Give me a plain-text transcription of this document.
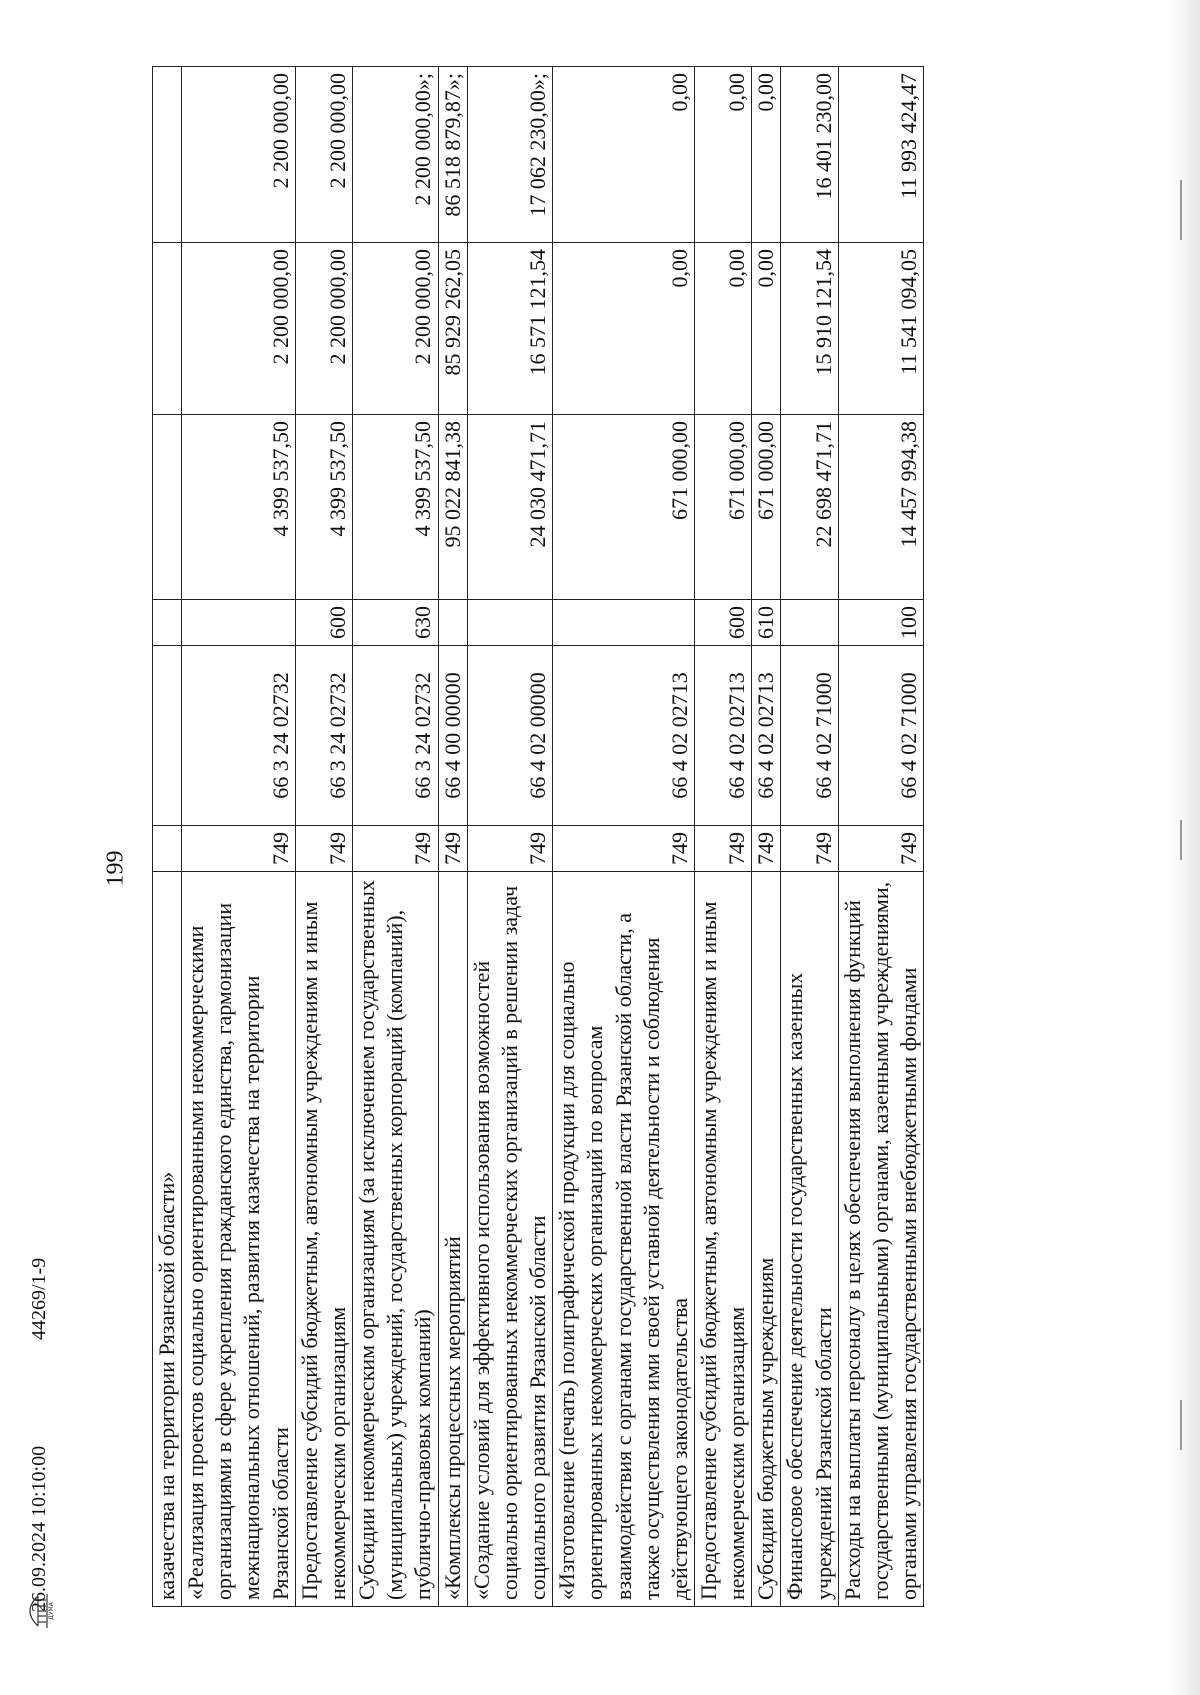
казачества на территории Рязанской области»						
«Реализация проектов социально ориентированными некоммерческими организациями в сфере укрепления гражданского единства, гармонизации межнациональных отношений, развития казачества на территории Рязанской области	749	66 3 24 02732		4 399 537,50	2 200 000,00	2 200 000,00
Предоставление субсидий бюджетным, автономным учреждениям и иным некоммерческим организациям	749	66 3 24 02732	600	4 399 537,50	2 200 000,00	2 200 000,00
Субсидии некоммерческим организациям (за исключением государственных (муниципальных) учреждений, государственных корпораций (компаний), публично-правовых компаний)	749	66 3 24 02732	630	4 399 537,50	2 200 000,00	2 200 000,00»;
«Комплексы процессных мероприятий	749	66 4 00 00000		95 022 841,38	85 929 262,05	86 518 879,87»;
«Создание условий для эффективного использования возможностей социально ориентированных некоммерческих организаций в решении задач социального развития Рязанской области	749	66 4 02 00000		24 030 471,71	16 571 121,54	17 062 230,00»;
«Изготовление (печать) полиграфической продукции для социально ориентированных некоммерческих организаций по вопросам взаимодействия с органами государственной власти Рязанской области, а также осуществления ими своей уставной деятельности и соблюдения действующего законодательства	749	66 4 02 02713		671 000,00	0,00	0,00
Предоставление субсидий бюджетным, автономным учреждениям и иным некоммерческим организациям	749	66 4 02 02713	600	671 000,00	0,00	0,00
Субсидии бюджетным учреждениям	749	66 4 02 02713	610	671 000,00	0,00	0,00
Финансовое обеспечение деятельности государственных казенных учреждений Рязанской области	749	66 4 02 71000		22 698 471,71	15 910 121,54	16 401 230,00
Расходы на выплаты персоналу в целях обеспечения выполнения функций государственными (муниципальными) органами, казенными учреждениями, органами управления государственными внебюджетными фондами	749	66 4 02 71000	100	14 457 994,38	11 541 094,05	11 993 424,47
199
26.09.2024 10:10:00
44269/1-9
ДУМА
